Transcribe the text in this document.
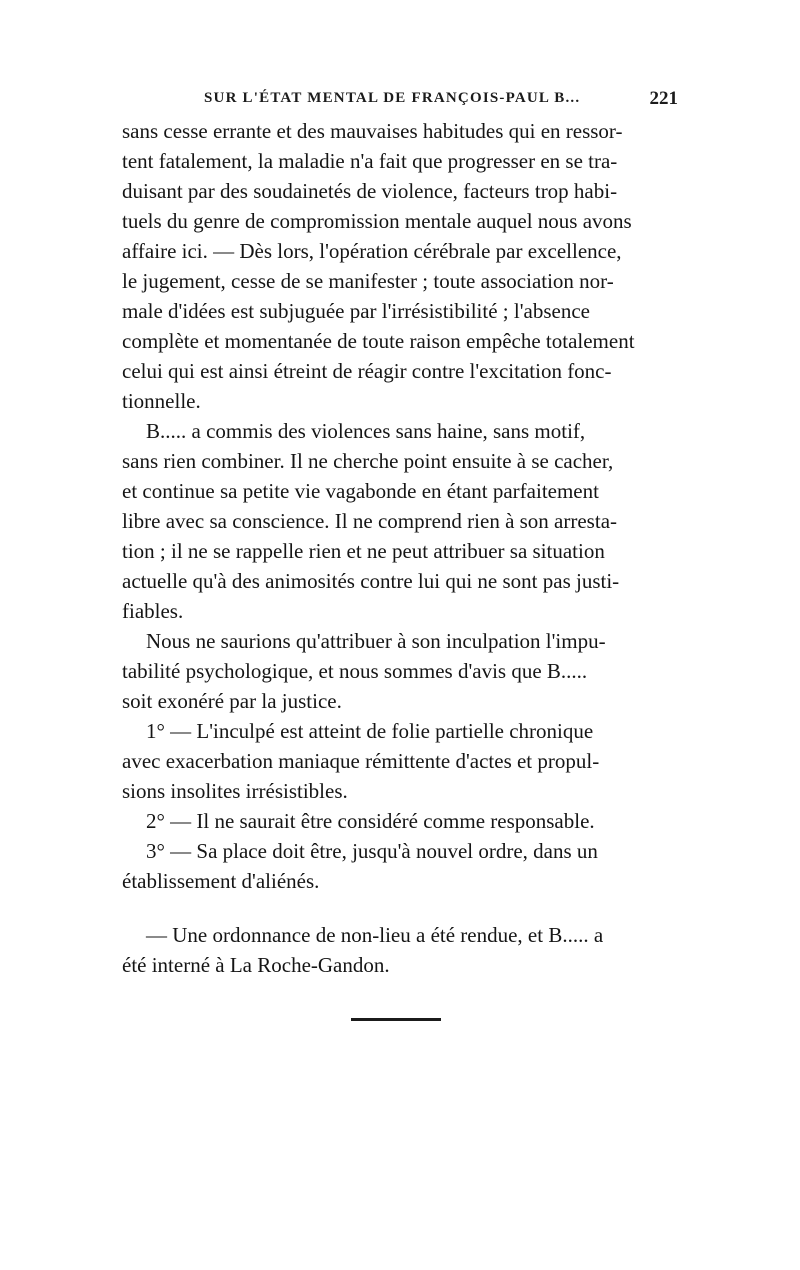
SUR L'ÉTAT MENTAL DE FRANÇOIS-PAUL B...	221
sans cesse errante et des mauvaises habitudes qui en ressor-
tent fatalement, la maladie n'a fait que progresser en se tra-
duisant par des soudainetés de violence, facteurs trop habi-
tuels du genre de compromission mentale auquel nous avons
affaire ici. — Dès lors, l'opération cérébrale par excellence,
le jugement, cesse de se manifester ; toute association nor-
male d'idées est subjuguée par l'irrésistibilité ; l'absence
complète et momentanée de toute raison empêche totalement
celui qui est ainsi étreint de réagir contre l'excitation fonc-
tionnelle.
B..... a commis des violences sans haine, sans motif,
sans rien combiner. Il ne cherche point ensuite à se cacher,
et continue sa petite vie vagabonde en étant parfaitement
libre avec sa conscience. Il ne comprend rien à son arresta-
tion ; il ne se rappelle rien et ne peut attribuer sa situation
actuelle qu'à des animosités contre lui qui ne sont pas justi-
fiables.
Nous ne saurions qu'attribuer à son inculpation l'impu-
tabilité psychologique, et nous sommes d'avis que B.....
soit exonéré par la justice.
1° — L'inculpé est atteint de folie partielle chronique
avec exacerbation maniaque rémittente d'actes et propul-
sions insolites irrésistibles.
2° — Il ne saurait être considéré comme responsable.
3° — Sa place doit être, jusqu'à nouvel ordre, dans un
établissement d'aliénés.
— Une ordonnance de non-lieu a été rendue, et B..... a
été interné à La Roche-Gandon.
